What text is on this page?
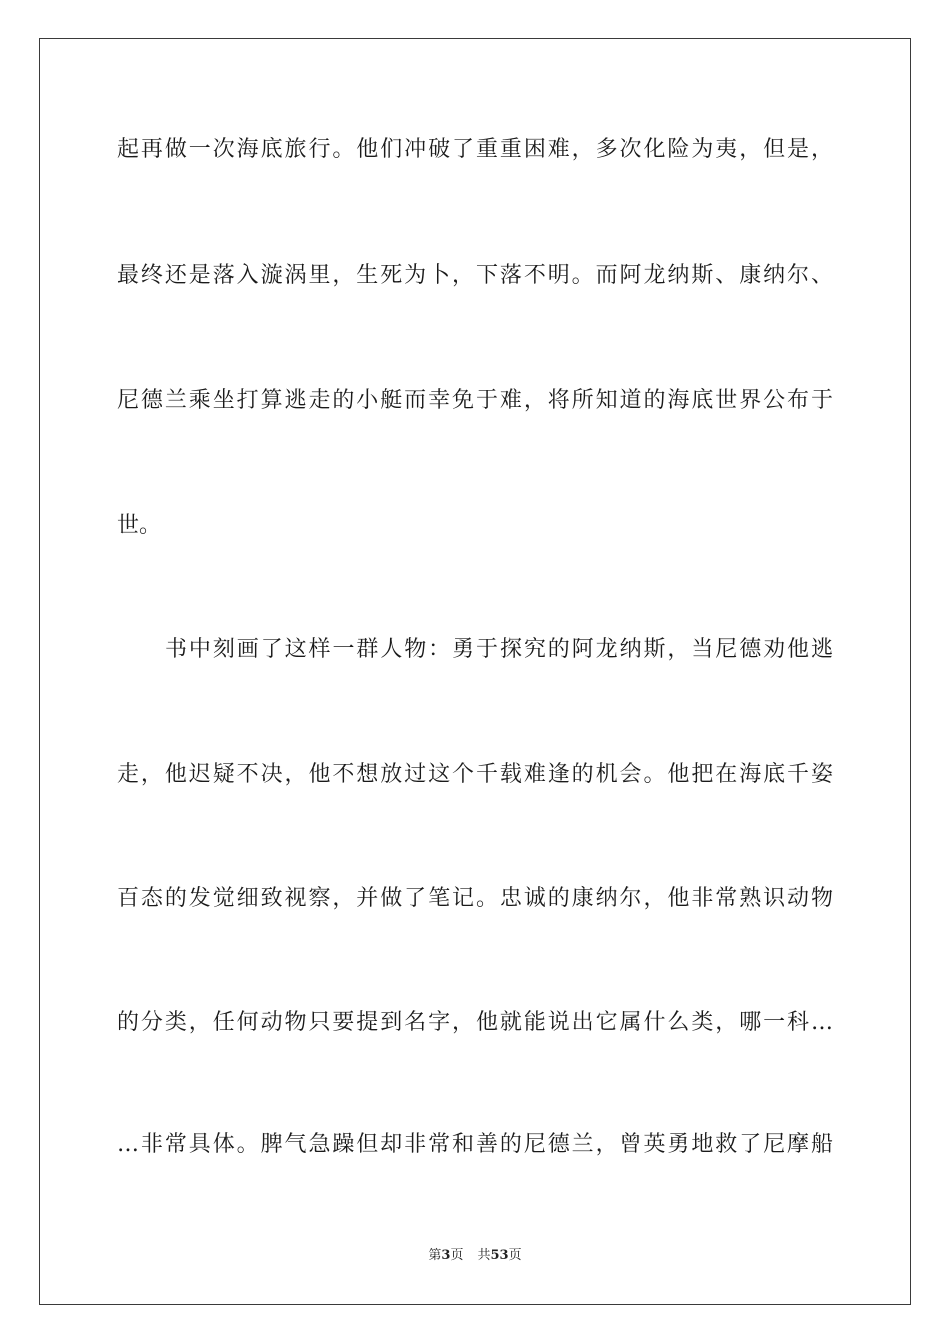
起再做一次海底旅行。他们冲破了重重困难，多次化险为夷，但是，
最终还是落入漩涡里，生死为卜，下落不明。而阿龙纳斯、康纳尔、
尼德兰乘坐打算逃走的小艇而幸免于难，将所知道的海底世界公布于
世。
书中刻画了这样一群人物：勇于探究的阿龙纳斯，当尼德劝他逃
走，他迟疑不决，他不想放过这个千载难逢的机会。他把在海底千姿
百态的发觉细致视察，并做了笔记。忠诚的康纳尔，他非常熟识动物
的分类，任何动物只要提到名字，他就能说出它属什么类，哪一科…
…非常具体。脾气急躁但却非常和善的尼德兰，曾英勇地救了尼摩船
第3页 共53页
